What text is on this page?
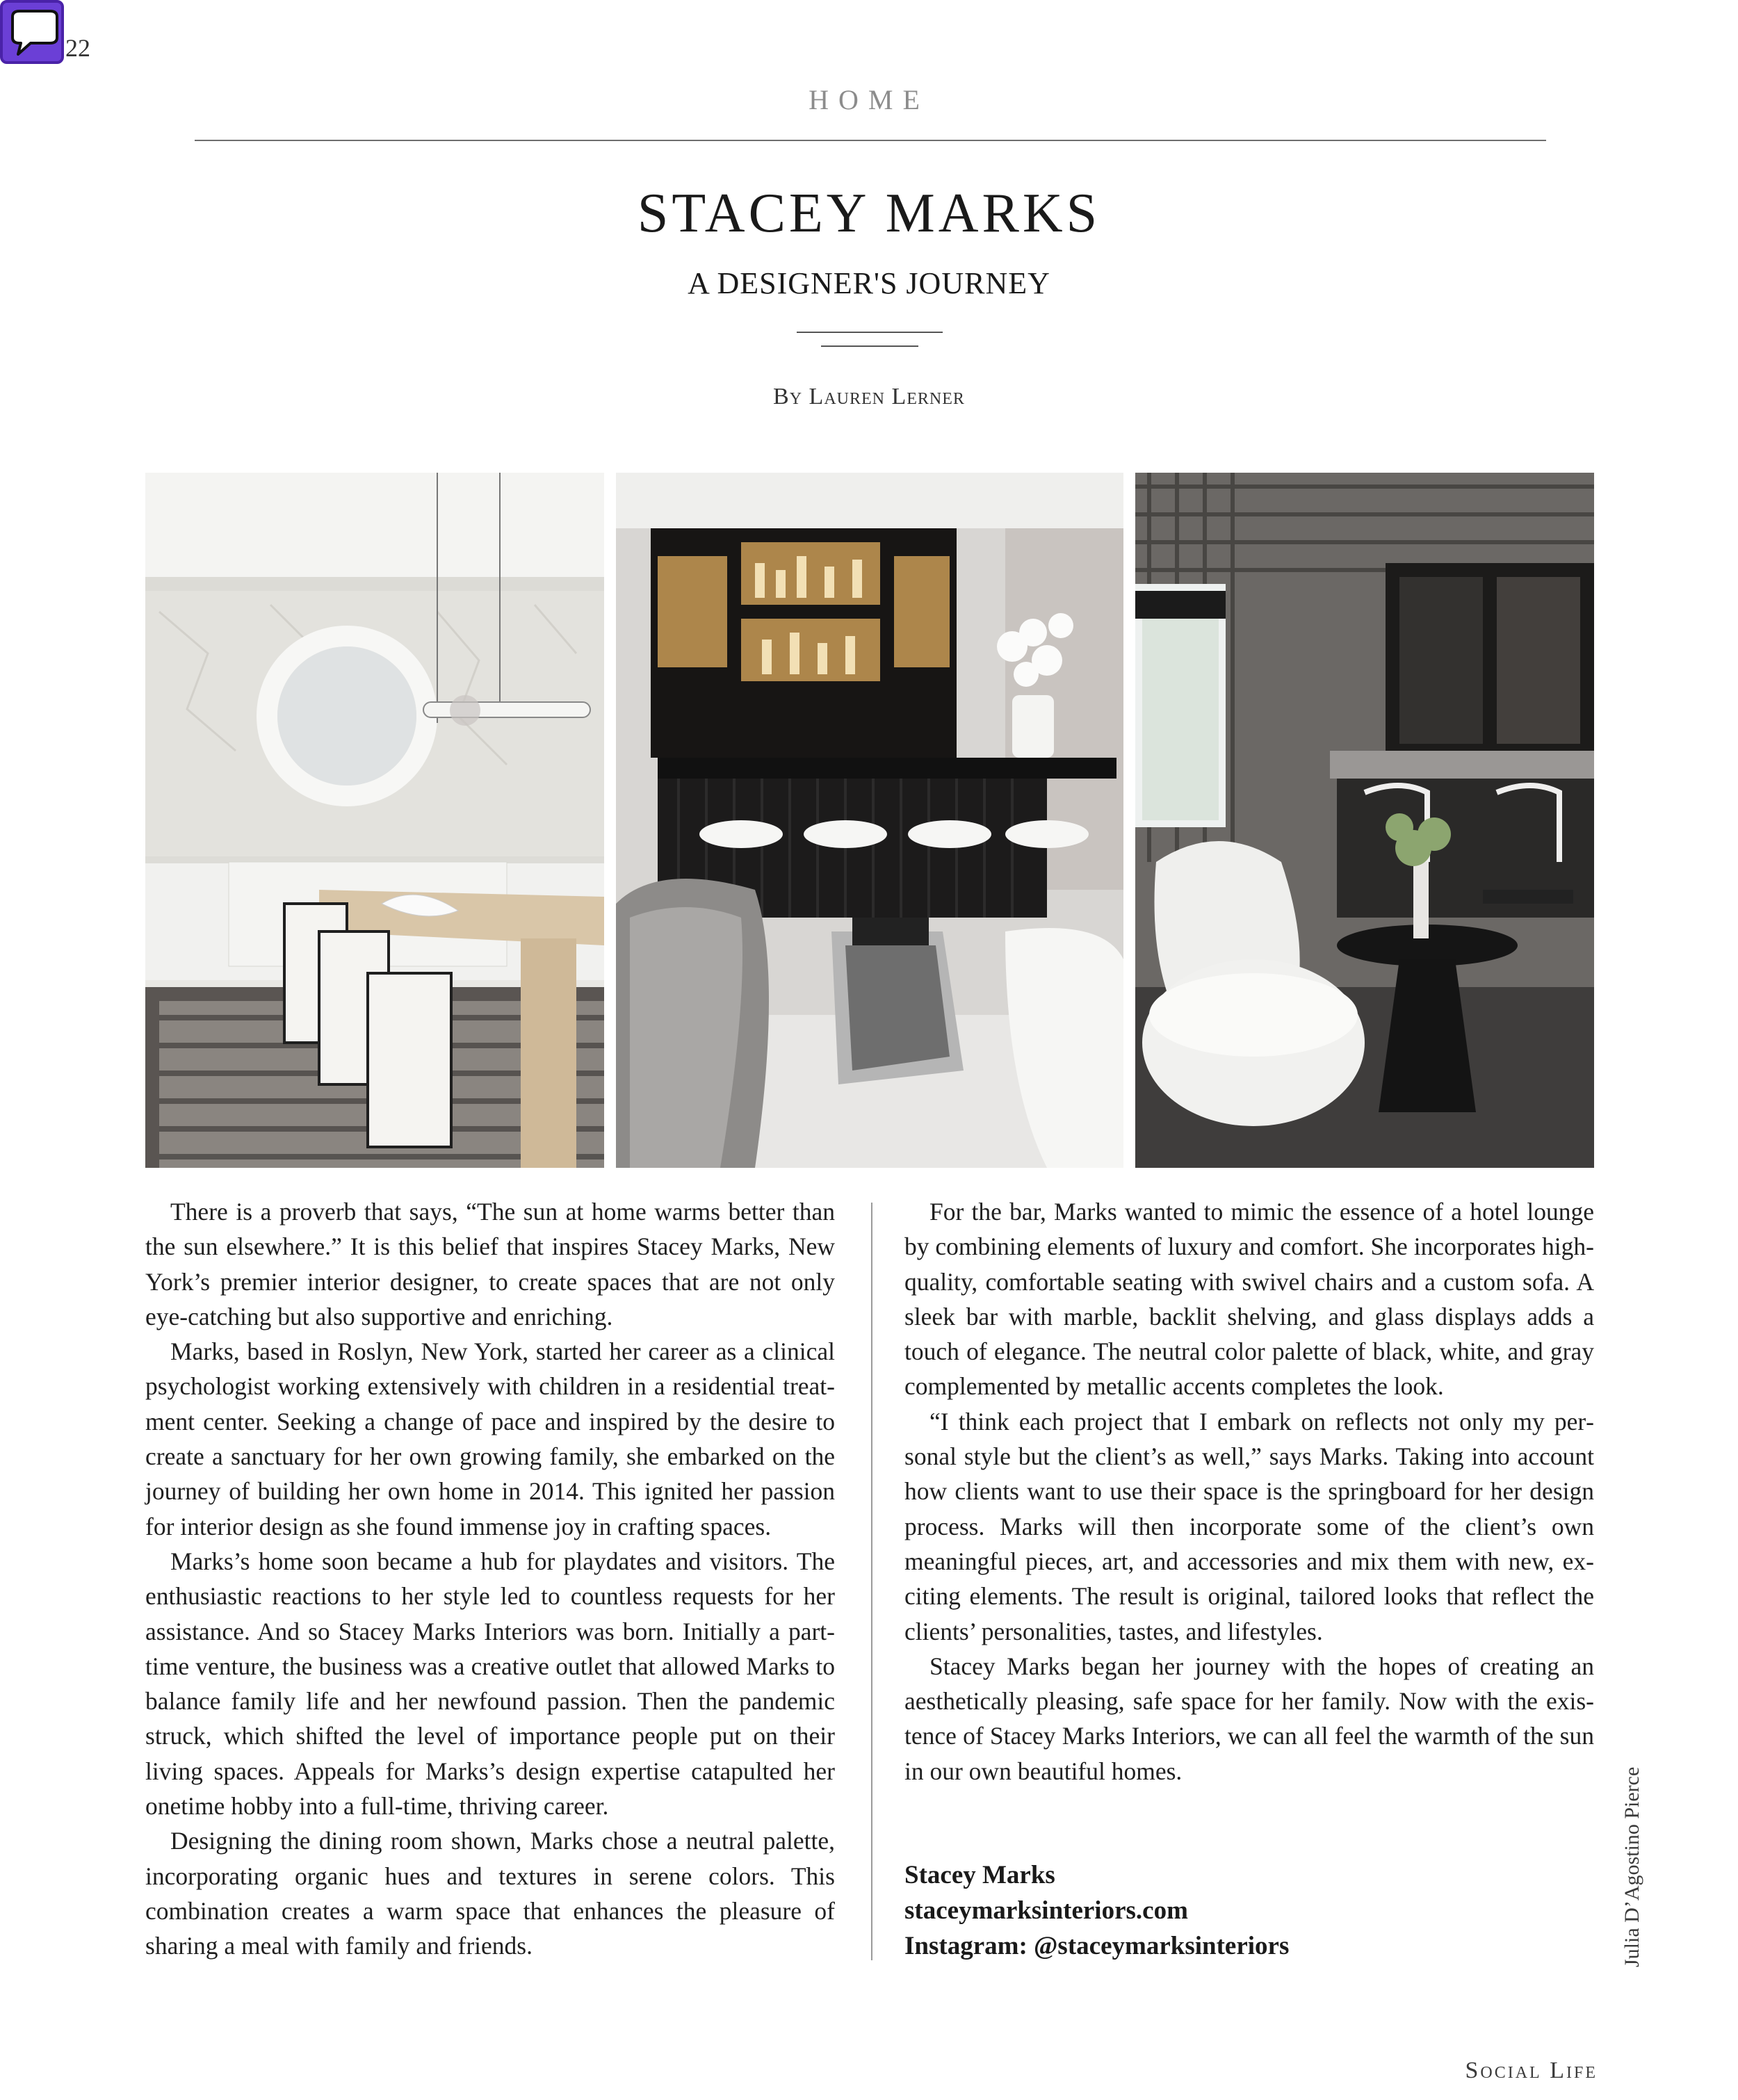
22
HOME
STACEY MARKS
A DESIGNER'S JOURNEY
By Lauren Lerner

There is a proverb that says, “The sun at home warms better than the sun elsewhere.” It is this belief that inspires Stacey Marks, New York’s premier interior designer, to create spaces that are not only eye-catching but also supportive and enriching.

Marks, based in Roslyn, New York, started her career as a clinical psychologist working extensively with children in a residential treatment center. Seeking a change of pace and inspired by the desire to create a sanctuary for her own growing family, she embarked on the journey of building her own home in 2014. This ignited her passion for interior design as she found immense joy in crafting spaces.

Marks’s home soon became a hub for playdates and visitors. The enthusiastic reactions to her style led to countless requests for her assistance. And so Stacey Marks Interiors was born. Initially a parttime venture, the business was a creative outlet that allowed Marks to balance family life and her newfound passion. Then the pandemic struck, which shifted the level of importance people put on their living spaces. Appeals for Marks’s design expertise catapulted her onetime hobby into a full-time, thriving career.

Designing the dining room shown, Marks chose a neutral palette, incorporating organic hues and textures in serene colors. This combination creates a warm space that enhances the pleasure of sharing a meal with family and friends.

For the bar, Marks wanted to mimic the essence of a hotel lounge by combining elements of luxury and comfort. She incorporates high-quality, comfortable seating with swivel chairs and a custom sofa. A sleek bar with marble, backlit shelving, and glass displays adds a touch of elegance. The neutral color palette of black, white, and gray complemented by metallic accents completes the look.

“I think each project that I embark on reflects not only my personal style but the client’s as well,” says Marks. Taking into account how clients want to use their space is the springboard for her design process. Marks will then incorporate some of the client’s own meaningful pieces, art, and accessories and mix them with new, exciting elements. The result is original, tailored looks that reflect the clients’ personalities, tastes, and lifestyles.

Stacey Marks began her journey with the hopes of creating an aesthetically pleasing, safe space for her family. Now with the existence of Stacey Marks Interiors, we can all feel the warmth of the sun in our own beautiful homes.

Stacey Marks
staceymarksinteriors.com
Instagram: @staceymarksinteriors	Julia D’Agostino Pierce
Social Life
